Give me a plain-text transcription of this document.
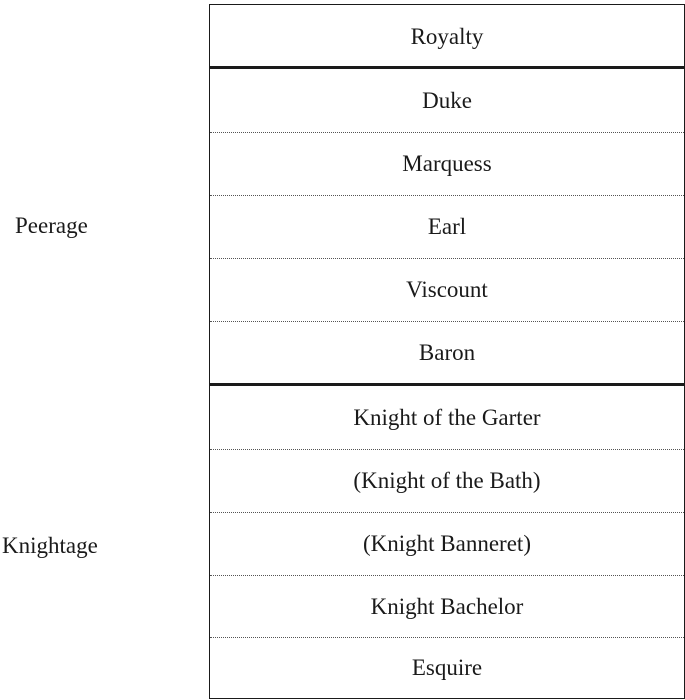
Peerage
Knightage
Royalty
Duke
Marquess
Earl
Viscount
Baron
Knight of the Garter
(Knight of the Bath)
(Knight Banneret)
Knight Bachelor
Esquire
